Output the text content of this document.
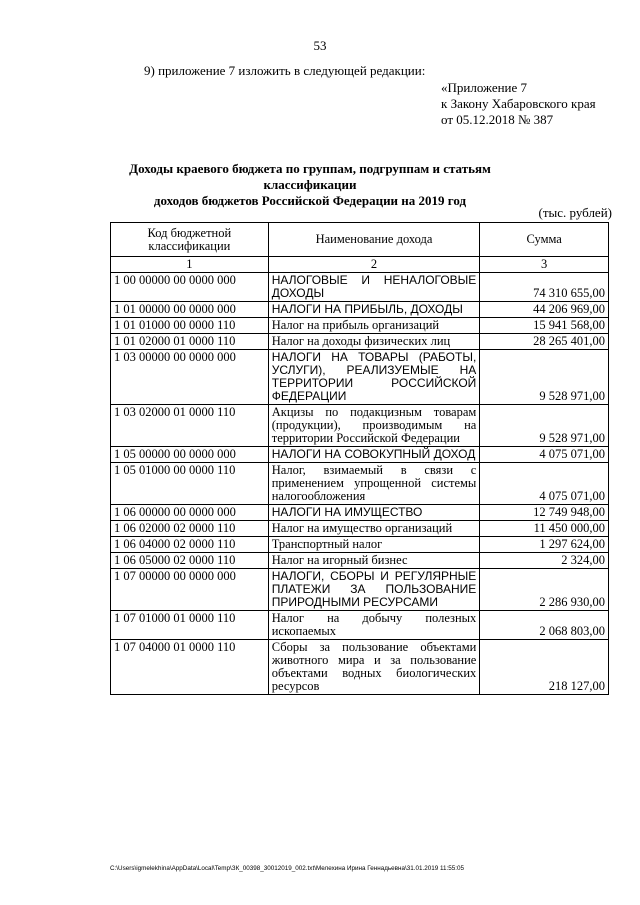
53
9) приложение 7 изложить в следующей редакции:
«Приложение 7
к Закону Хабаровского края
от 05.12.2018 № 387
Доходы краевого бюджета по группам, подгруппам и статьям классификации
доходов бюджетов Российской Федерации на 2019 год
(тыс. рублей)
Код бюджетной классификации	Наименование дохода	Сумма
1	2	3
1 00 00000 00 0000 000	НАЛОГОВЫЕ И НЕНАЛОГОВЫЕ ДОХОДЫ	74 310 655,00
1 01 00000 00 0000 000	НАЛОГИ НА ПРИБЫЛЬ, ДОХОДЫ	44 206 969,00
1 01 01000 00 0000 110	Налог на прибыль организаций	15 941 568,00
1 01 02000 01 0000 110	Налог на доходы физических лиц	28 265 401,00
1 03 00000 00 0000 000	НАЛОГИ НА ТОВАРЫ (РАБОТЫ, УСЛУГИ), РЕАЛИЗУЕМЫЕ НА ТЕРРИТОРИИ РОССИЙСКОЙ ФЕДЕРАЦИИ	9 528 971,00
1 03 02000 01 0000 110	Акцизы по подакцизным товарам (продукции), производимым на территории Российской Федерации	9 528 971,00
1 05 00000 00 0000 000	НАЛОГИ НА СОВОКУПНЫЙ ДОХОД	4 075 071,00
1 05 01000 00 0000 110	Налог, взимаемый в связи с применением упрощенной системы налогообложения	4 075 071,00
1 06 00000 00 0000 000	НАЛОГИ НА ИМУЩЕСТВО	12 749 948,00
1 06 02000 02 0000 110	Налог на имущество организаций	11 450 000,00
1 06 04000 02 0000 110	Транспортный налог	1 297 624,00
1 06 05000 02 0000 110	Налог на игорный бизнес	2 324,00
1 07 00000 00 0000 000	НАЛОГИ, СБОРЫ И РЕГУЛЯРНЫЕ ПЛАТЕЖИ ЗА ПОЛЬЗОВАНИЕ ПРИРОДНЫМИ РЕСУРСАМИ	2 286 930,00
1 07 01000 01 0000 110	Налог на добычу полезных ископаемых	2 068 803,00
1 07 04000 01 0000 110	Сборы за пользование объектами животного мира и за пользование объектами водных биологических ресурсов	218 127,00
C:\Users\igmelekhina\AppData\Local\Temp\ЗК_00398_30012019_002.txt\Мелехина Ирина Геннадьевна\31.01.2019 11:55:05
